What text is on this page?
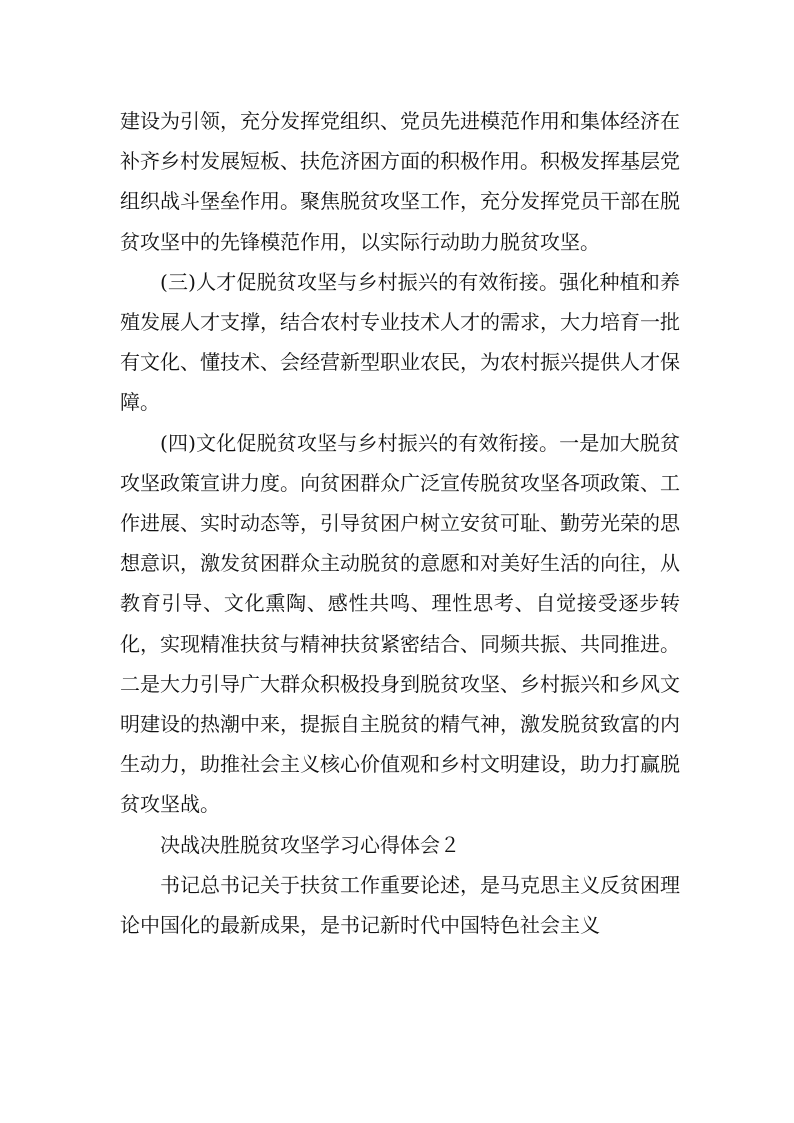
建设为引领，充分发挥党组织、党员先进模范作用和集体经济在补齐乡村发展短板、扶危济困方面的积极作用。积极发挥基层党组织战斗堡垒作用。聚焦脱贫攻坚工作，充分发挥党员干部在脱贫攻坚中的先锋模范作用，以实际行动助力脱贫攻坚。

(三)人才促脱贫攻坚与乡村振兴的有效衔接。强化种植和养殖发展人才支撑，结合农村专业技术人才的需求，大力培育一批有文化、懂技术、会经营新型职业农民，为农村振兴提供人才保障。

(四)文化促脱贫攻坚与乡村振兴的有效衔接。一是加大脱贫攻坚政策宣讲力度。向贫困群众广泛宣传脱贫攻坚各项政策、工作进展、实时动态等，引导贫困户树立安贫可耻、勤劳光荣的思想意识，激发贫困群众主动脱贫的意愿和对美好生活的向往，从教育引导、文化熏陶、感性共鸣、理性思考、自觉接受逐步转化，实现精准扶贫与精神扶贫紧密结合、同频共振、共同推进。二是大力引导广大群众积极投身到脱贫攻坚、乡村振兴和乡风文明建设的热潮中来，提振自主脱贫的精气神，激发脱贫致富的内生动力，助推社会主义核心价值观和乡村文明建设，助力打赢脱贫攻坚战。

决战决胜脱贫攻坚学习心得体会２

书记总书记关于扶贫工作重要论述，是马克思主义反贫困理论中国化的最新成果，是书记新时代中国特色社会主义
